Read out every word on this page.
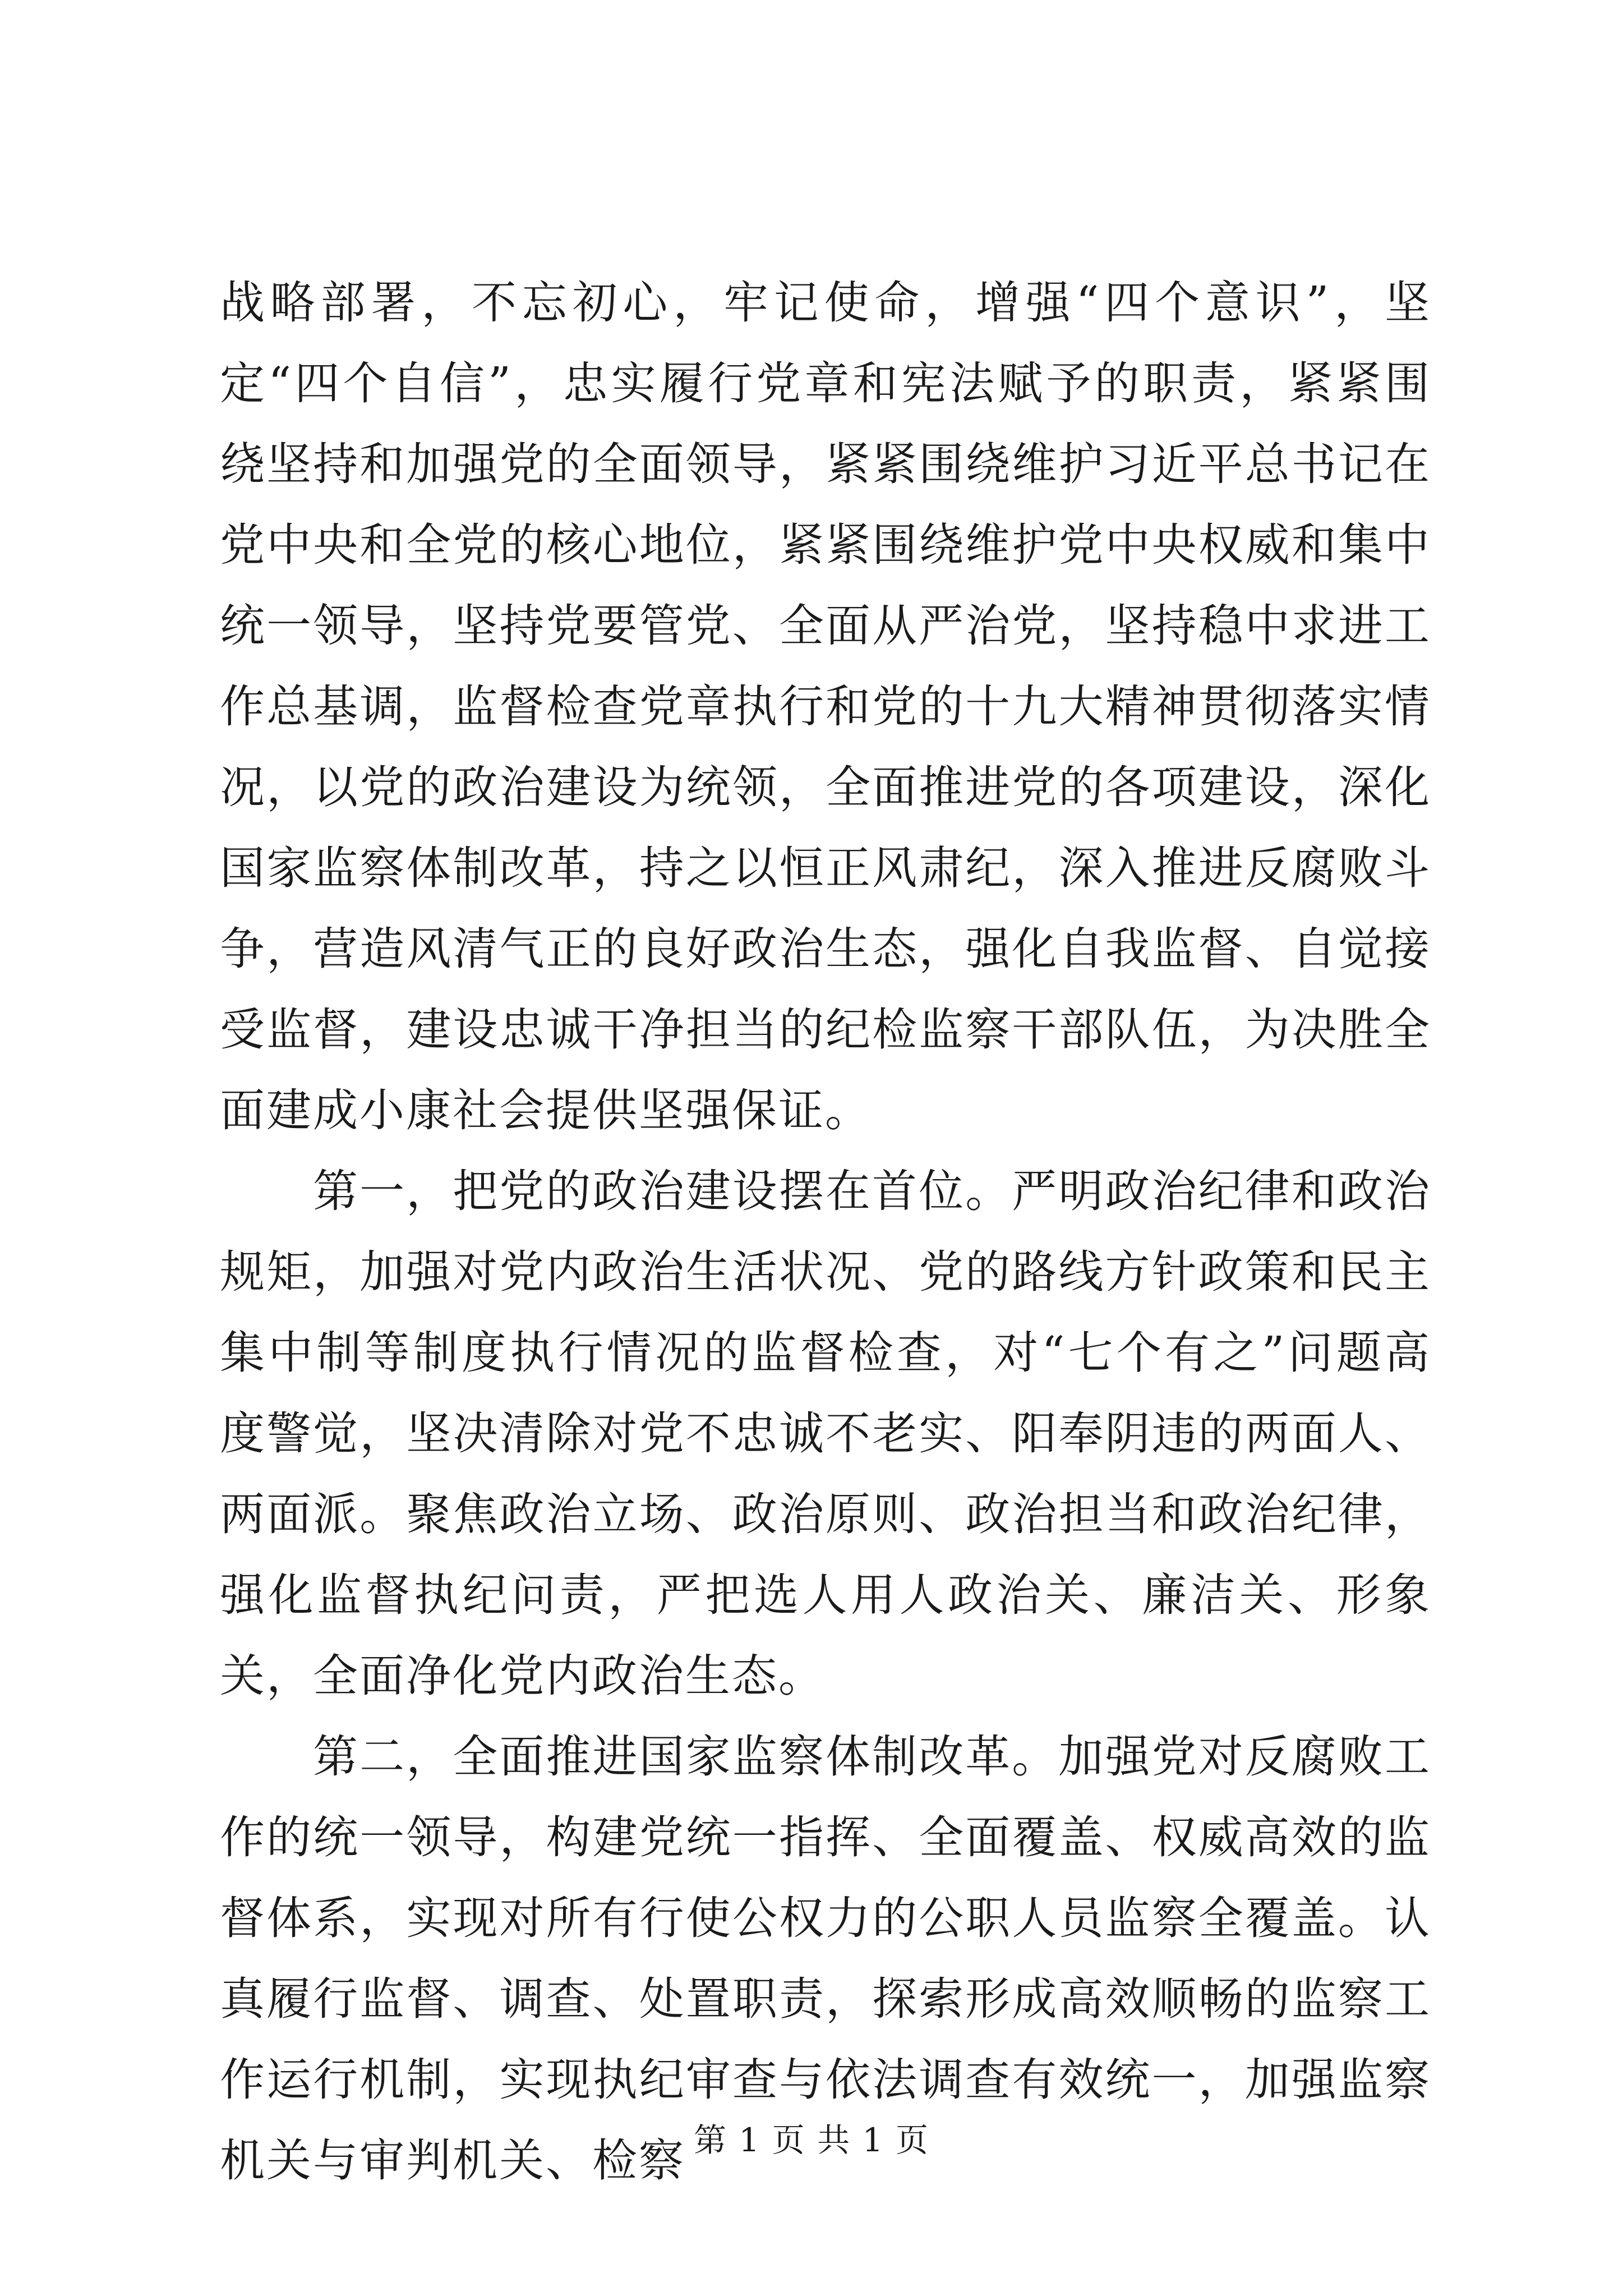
战略部署，不忘初心，牢记使命，增强“四个意识”，坚定“四个自信”，忠实履行党章和宪法赋予的职责，紧紧围绕坚持和加强党的全面领导，紧紧围绕维护习近平总书记在党中央和全党的核心地位，紧紧围绕维护党中央权威和集中统一领导，坚持党要管党、全面从严治党，坚持稳中求进工作总基调，监督检查党章执行和党的十九大精神贯彻落实情况，以党的政治建设为统领，全面推进党的各项建设，深化国家监察体制改革，持之以恒正风肃纪，深入推进反腐败斗争，营造风清气正的良好政治生态，强化自我监督、自觉接受监督，建设忠诚干净担当的纪检监察干部队伍，为决胜全面建成小康社会提供坚强保证。

第一，把党的政治建设摆在首位。严明政治纪律和政治规矩，加强对党内政治生活状况、党的路线方针政策和民主集中制等制度执行情况的监督检查，对“七个有之”问题高度警觉，坚决清除对党不忠诚不老实、阳奉阴违的两面人、两面派。聚焦政治立场、政治原则、政治担当和政治纪律，强化监督执纪问责，严把选人用人政治关、廉洁关、形象关，全面净化党内政治生态。

第二，全面推进国家监察体制改革。加强党对反腐败工作的统一领导，构建党统一指挥、全面覆盖、权威高效的监督体系，实现对所有行使公权力的公职人员监察全覆盖。认真履行监督、调查、处置职责，探索形成高效顺畅的监察工作运行机制，实现执纪审查与依法调查有效统一，加强监察机关与审判机关、检察 第 1 页 共 1 页
